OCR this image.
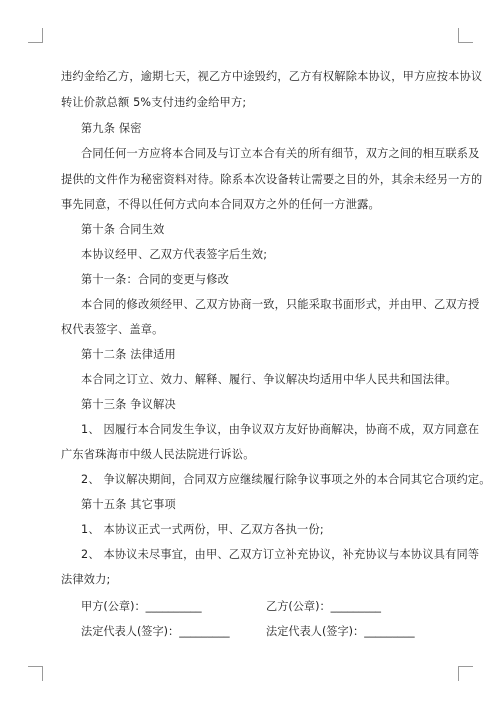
违约金给乙方，逾期七天，视乙方中途毁约，乙方有权解除本协议，甲方应按本协议
转让价款总额 5%支付违约金给甲方;
第九条 保密
合同任何一方应将本合同及与订立本合有关的所有细节，双方之间的相互联系及
提供的文件作为秘密资料对待。除系本次设备转让需要之目的外，其余未经另一方的
事先同意，不得以任何方式向本合同双方之外的任何一方泄露。
第十条 合同生效
本协议经甲、乙双方代表签字后生效;
第十一条：合同的变更与修改
本合同的修改须经甲、乙双方协商一致，只能采取书面形式，并由甲、乙双方授
权代表签字、盖章。
第十二条 法律适用
本合同之订立、效力、解释、履行、争议解决均适用中华人民共和国法律。
第十三条 争议解决
1、 因履行本合同发生争议，由争议双方友好协商解决，协商不成，双方同意在
广东省珠海市中级人民法院进行诉讼。
2、 争议解决期间，合同双方应继续履行除争议事项之外的本合同其它合项约定。
第十五条 其它事项
1、 本协议正式一式两份，甲、乙双方各执一份;
2、 本协议未尽事宜，由甲、乙双方订立补充协议，补充协议与本协议具有同等
法律效力;
甲方(公章)：__________	乙方(公章)：_________
法定代表人(签字)：_________	法定代表人(签字)：_________
